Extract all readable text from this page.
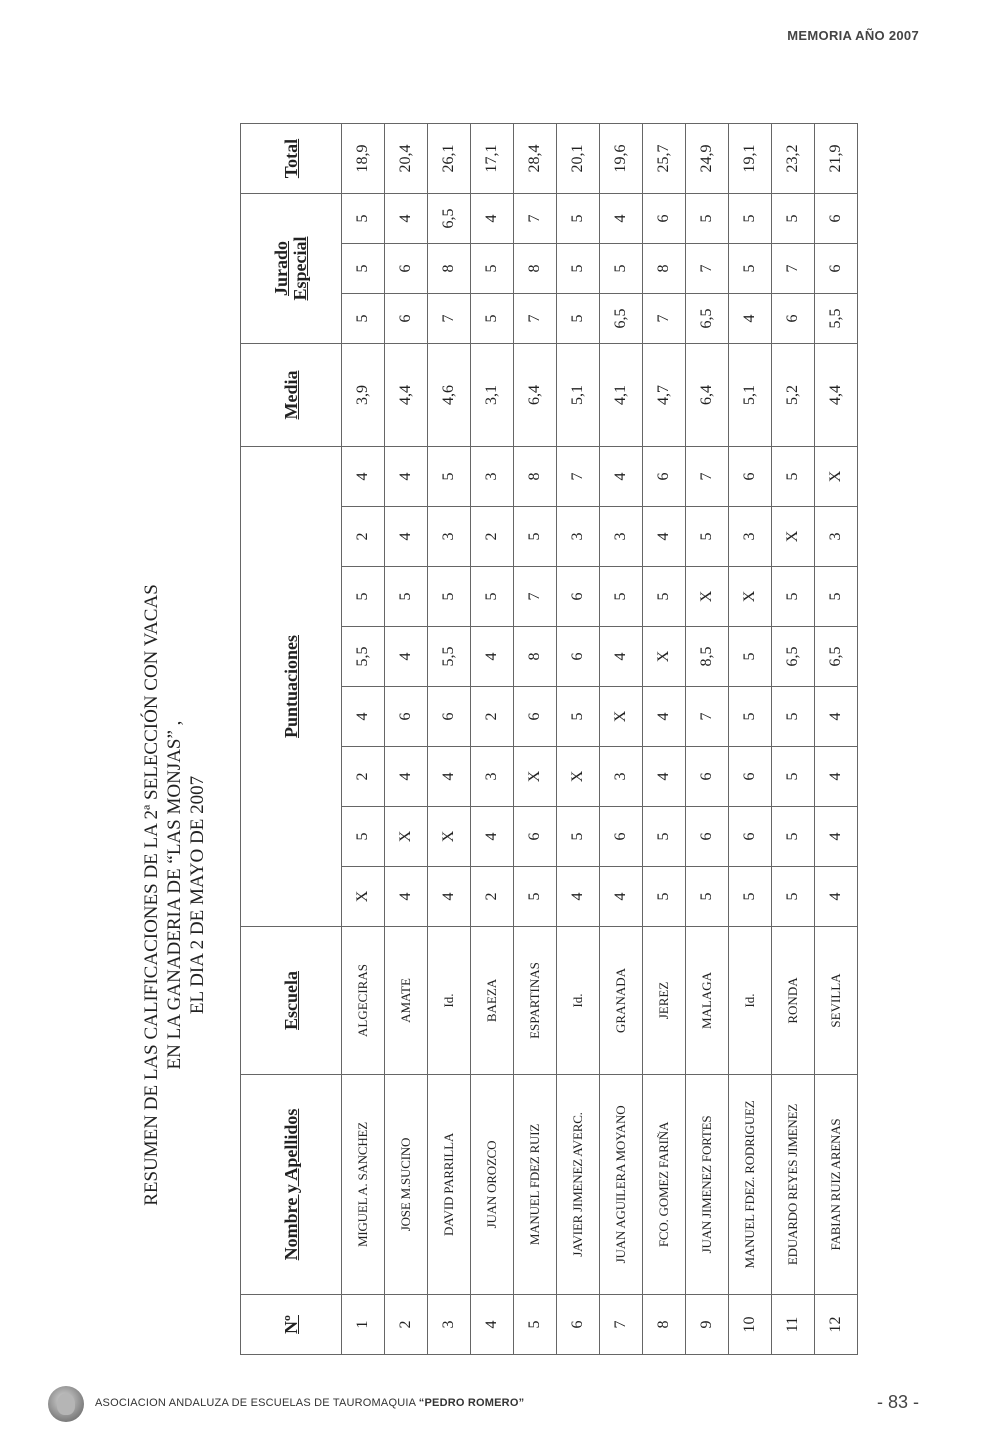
MEMORIA AÑO 2007
RESUMEN DE LAS CALIFICACIONES DE LA 2ª SELECCIÓN CON VACAS EN LA GANADERIA DE “LAS MONJAS” , EL DIA 2 DE MAYO DE 2007
Nº	Nombre y Apellidos	Escuela	Puntuaciones								Media	Jurado Especial			Total

1	MIGUEL A. SANCHEZ	ALGECIRAS	X	5	2	4	5,5	5	2	4	3,9	5	5	5	18,9
2	JOSE M.SUCINO	AMATE	4	X	4	6	4	5	4	4	4,4	6	6	4	20,4
3	DAVID PARRILLA	Id.	4	X	4	6	5,5	5	3	5	4,6	7	8	6,5	26,1
4	JUAN OROZCO	BAEZA	2	4	3	2	4	5	2	3	3,1	5	5	4	17,1
5	MANUEL FDEZ RUIZ	ESPARTINAS	5	6	X	6	8	7	5	8	6,4	7	8	7	28,4
6	JAVIER JIMENEZ AVERC.	Id.	4	5	X	5	6	6	3	7	5,1	5	5	5	20,1
7	JUAN AGUILERA MOYANO	GRANADA	4	6	3	X	4	5	3	4	4,1	6,5	5	4	19,6
8	FCO. GOMEZ FARIÑA	JEREZ	5	5	4	4	X	5	4	6	4,7	7	8	6	25,7
9	JUAN JIMENEZ FORTES	MALAGA	5	6	6	7	8,5	X	5	7	6,4	6,5	7	5	24,9
10	MANUEL FDEZ. RODRIGUEZ	Id.	5	6	6	5	5	X	3	6	5,1	4	5	5	19,1
11	EDUARDO REYES JIMENEZ	RONDA	5	5	5	5	6,5	5	X	5	5,2	6	7	5	23,2
12	FABIAN RUIZ ARENAS	SEVILLA	4	4	4	4	6,5	5	3	X	4,4	5,5	6	6	21,9
ASOCIACION ANDALUZA DE ESCUELAS DE TAUROMAQUIA “PEDRO ROMERO”	- 83 -
